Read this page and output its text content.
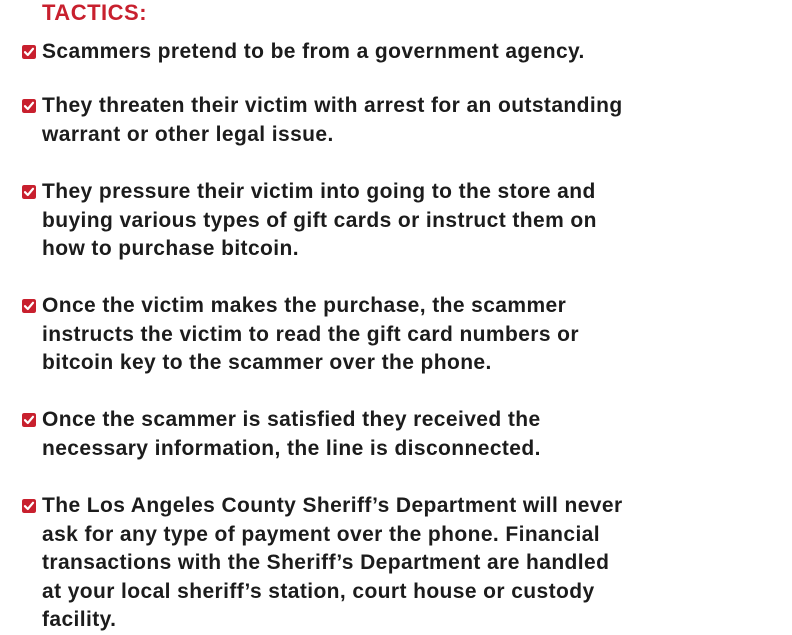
TACTICS:

Scammers pretend to be from a government agency.

They threaten their victim with arrest for an outstanding
warrant or other legal issue.

They pressure their victim into going to the store and
buying various types of gift cards or instruct them on
how to purchase bitcoin.

Once the victim makes the purchase, the scammer
instructs the victim to read the gift card numbers or
bitcoin key to the scammer over the phone.

Once the scammer is satisfied they received the
necessary information, the line is disconnected.

The Los Angeles County Sheriff’s Department will never
ask for any type of payment over the phone. Financial
transactions with the Sheriff’s Department are handled
at your local sheriff’s station, court house or custody
facility.
